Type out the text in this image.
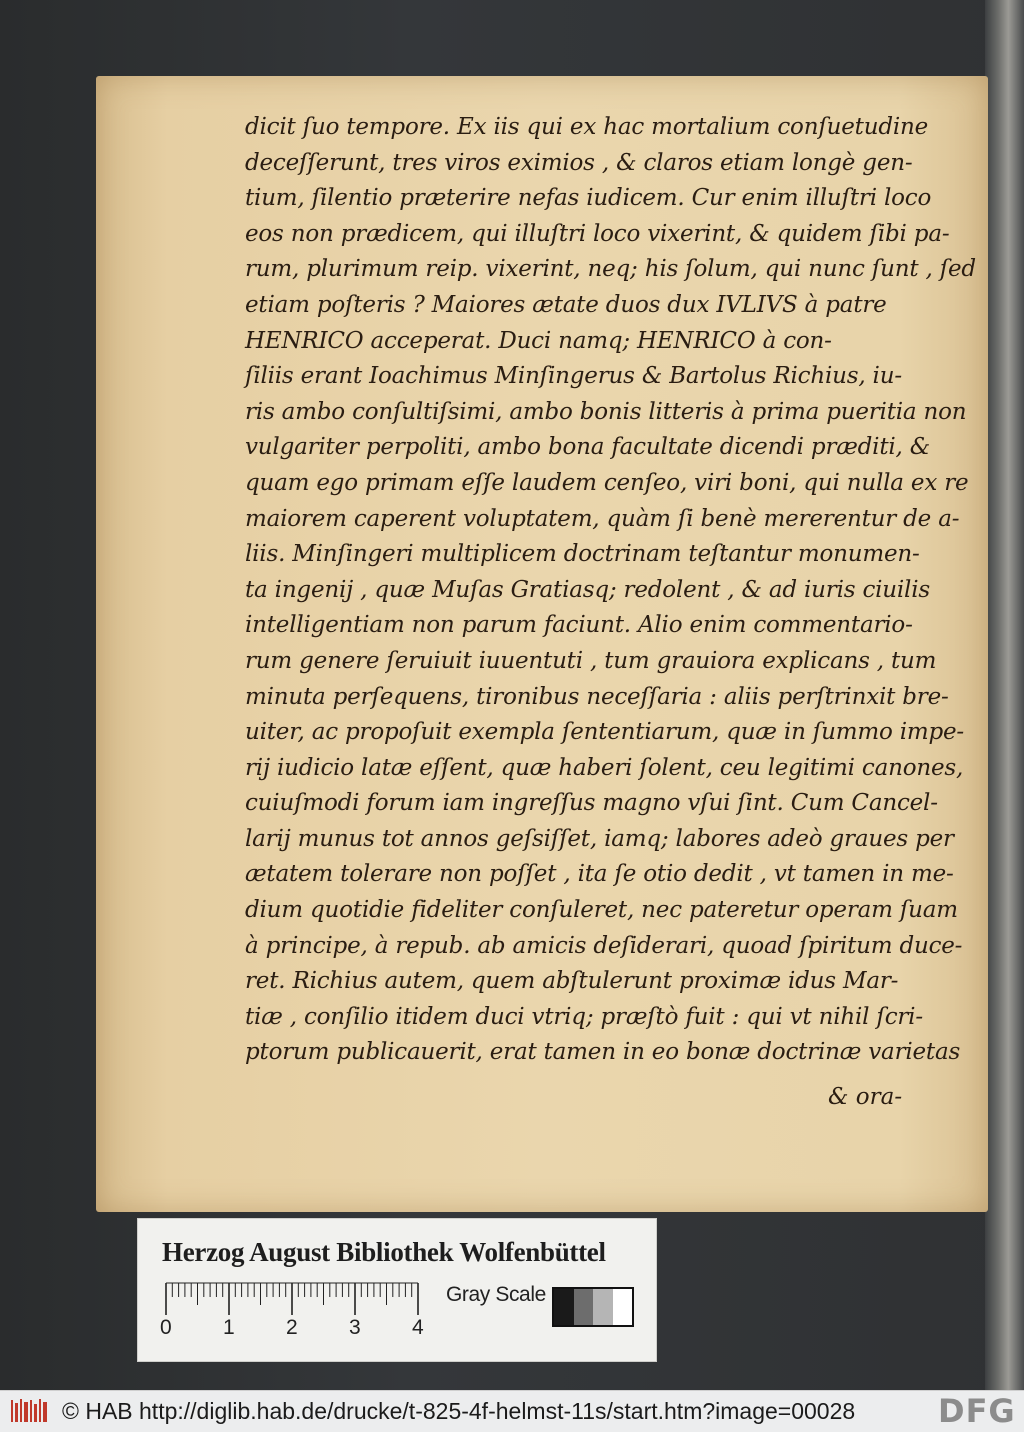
dicit ſuo tempore. Ex iis qui ex hac mortalium conſuetudine
deceſſerunt, tres viros eximios , & claros etiam longè gen-
tium, ſilentio præterire nefas iudicem. Cur enim illuſtri loco
eos non prædicem, qui illuſtri loco vixerint, & quidem ſibi pa-
rum, plurimum reip. vixerint, neq; his ſolum, qui nunc ſunt , ſed
etiam poſteris ? Maiores ætate duos dux IVLIVS à patre
HENRICO acceperat. Duci namq; HENRICO à con-
ſiliis erant Ioachimus Minſingerus & Bartolus Richius, iu-
ris ambo conſultiſsimi, ambo bonis litteris à prima pueritia non
vulgariter perpoliti, ambo bona facultate dicendi præditi, &
quam ego primam eſſe laudem cenſeo, viri boni, qui nulla ex re
maiorem caperent voluptatem, quàm ſi benè mererentur de a-
liis. Minſingeri multiplicem doctrinam teſtantur monumen-
ta ingenij , quæ Muſas Gratiasq; redolent , & ad iuris ciuilis
intelligentiam non parum faciunt. Alio enim commentario-
rum genere ſeruiuit iuuentuti , tum grauiora explicans , tum
minuta perſequens, tironibus neceſſaria : aliis perſtrinxit bre-
uiter, ac propoſuit exempla ſententiarum, quæ in ſummo impe-
rij iudicio latæ eſſent, quæ haberi ſolent, ceu legitimi canones,
cuiuſmodi forum iam ingreſſus magno vſui ſint. Cum Cancel-
larij munus tot annos geſsiſſet, iamq; labores adeò graues per
ætatem tolerare non poſſet , ita ſe otio dedit , vt tamen in me-
dium quotidie fideliter conſuleret, nec pateretur operam ſuam
à principe, à repub. ab amicis deſiderari, quoad ſpiritum duce-
ret. Richius autem, quem abſtulerunt proximæ idus Mar-
tiæ , conſilio itidem duci vtriq; præſtò fuit : qui vt nihil ſcri-
ptorum publicauerit, erat tamen in eo bonæ doctrinæ varietas
& ora-
Herzog August Bibliothek Wolfenbüttel
0 1 2 3 4
Gray Scale
© HAB http://diglib.hab.de/drucke/t-825-4f-helmst-11s/start.htm?image=00028	DFG
